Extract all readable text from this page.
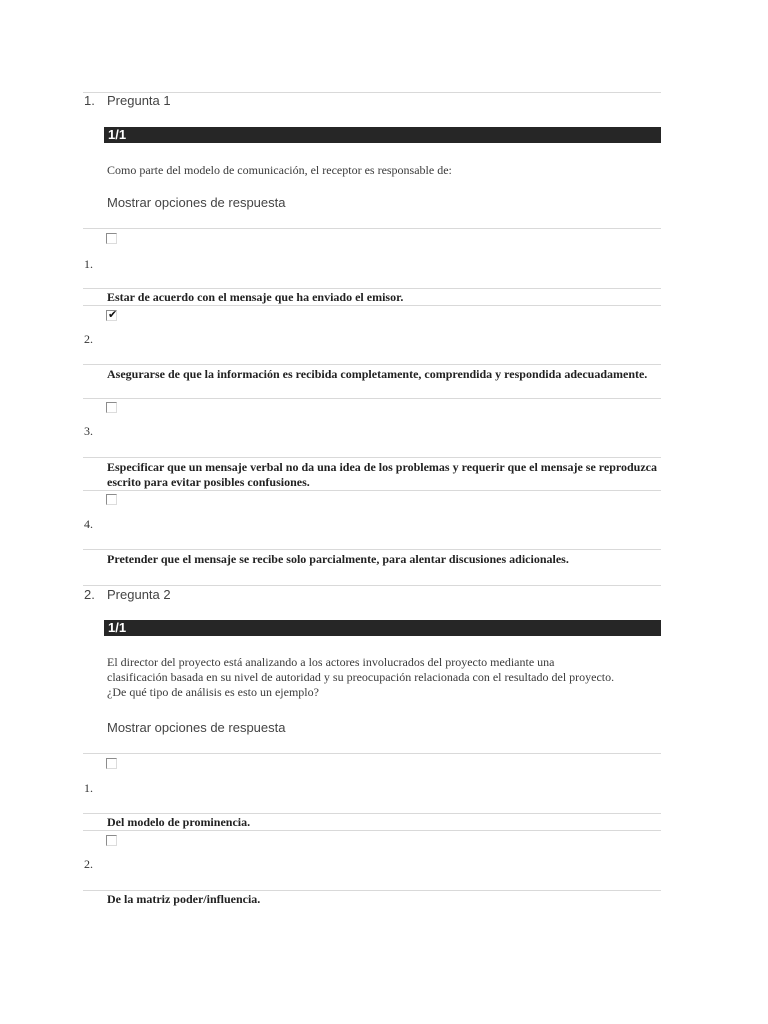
1. Pregunta 1
1/1
Como parte del modelo de comunicación, el receptor es responsable de:
Mostrar opciones de respuesta
1.
Estar de acuerdo con el mensaje que ha enviado el emisor.
✔
2.
Asegurarse de que la información es recibida completamente, comprendida y respondida adecuadamente.
3.
Especificar que un mensaje verbal no da una idea de los problemas y requerir que el mensaje se reproduzca escrito para evitar posibles confusiones.
4.
Pretender que el mensaje se recibe solo parcialmente, para alentar discusiones adicionales.
2. Pregunta 2
1/1
El director del proyecto está analizando a los actores involucrados del proyecto mediante una clasificación basada en su nivel de autoridad y su preocupación relacionada con el resultado del proyecto. ¿De qué tipo de análisis es esto un ejemplo?
Mostrar opciones de respuesta
1.
Del modelo de prominencia.
2.
De la matriz poder/influencia.
